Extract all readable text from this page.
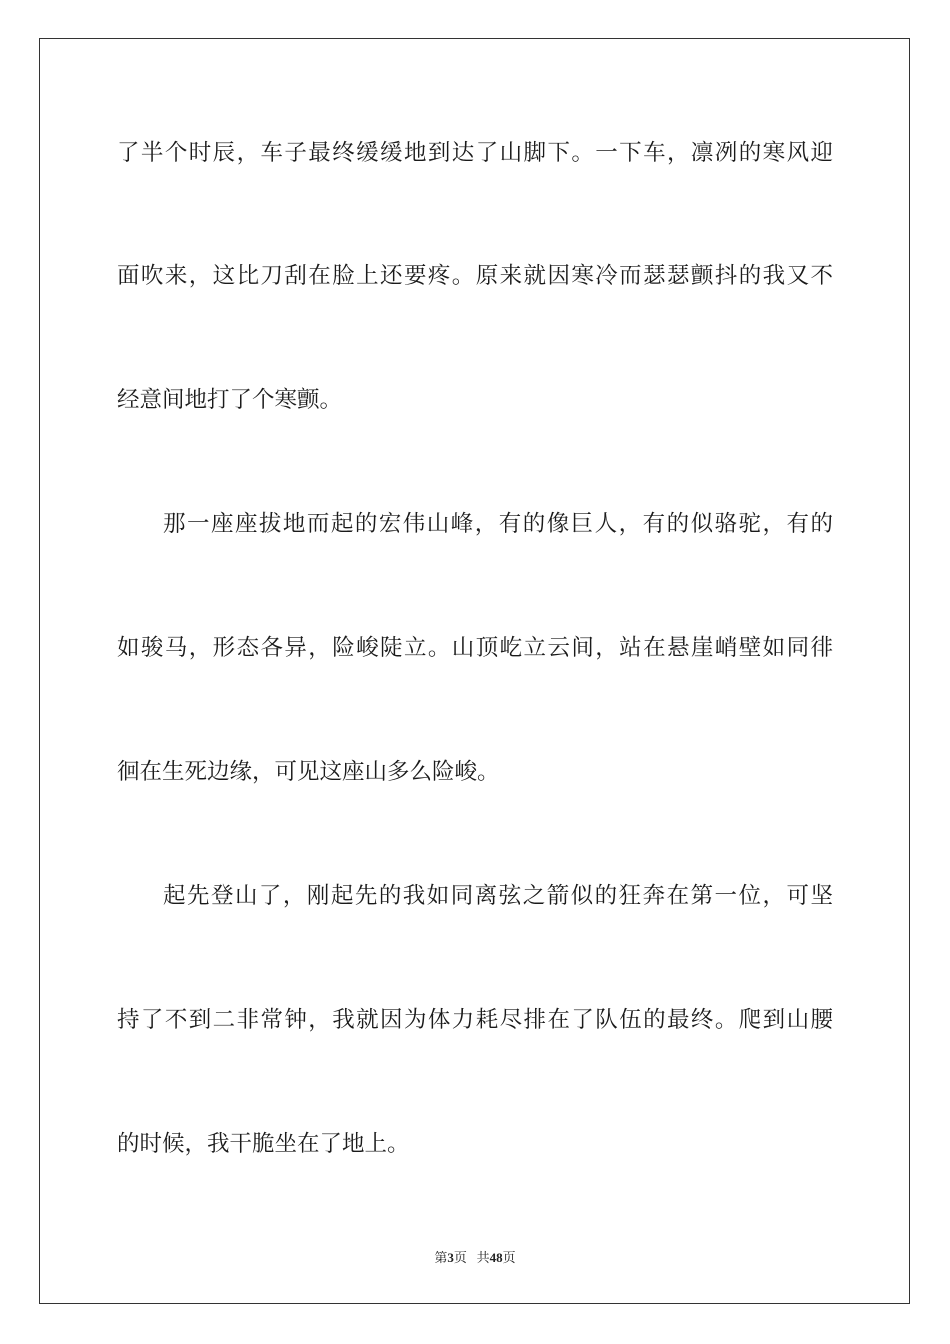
了半个时辰，车子最终缓缓地到达了山脚下。一下车，凛冽的寒风迎
面吹来，这比刀刮在脸上还要疼。原来就因寒冷而瑟瑟颤抖的我又不
经意间地打了个寒颤。
那一座座拔地而起的宏伟山峰，有的像巨人，有的似骆驼，有的
如骏马，形态各异，险峻陡立。山顶屹立云间，站在悬崖峭壁如同徘
徊在生死边缘，可见这座山多么险峻。
起先登山了，刚起先的我如同离弦之箭似的狂奔在第一位，可坚
持了不到二非常钟，我就因为体力耗尽排在了队伍的最终。爬到山腰
的时候，我干脆坐在了地上。
第3页 共48页
